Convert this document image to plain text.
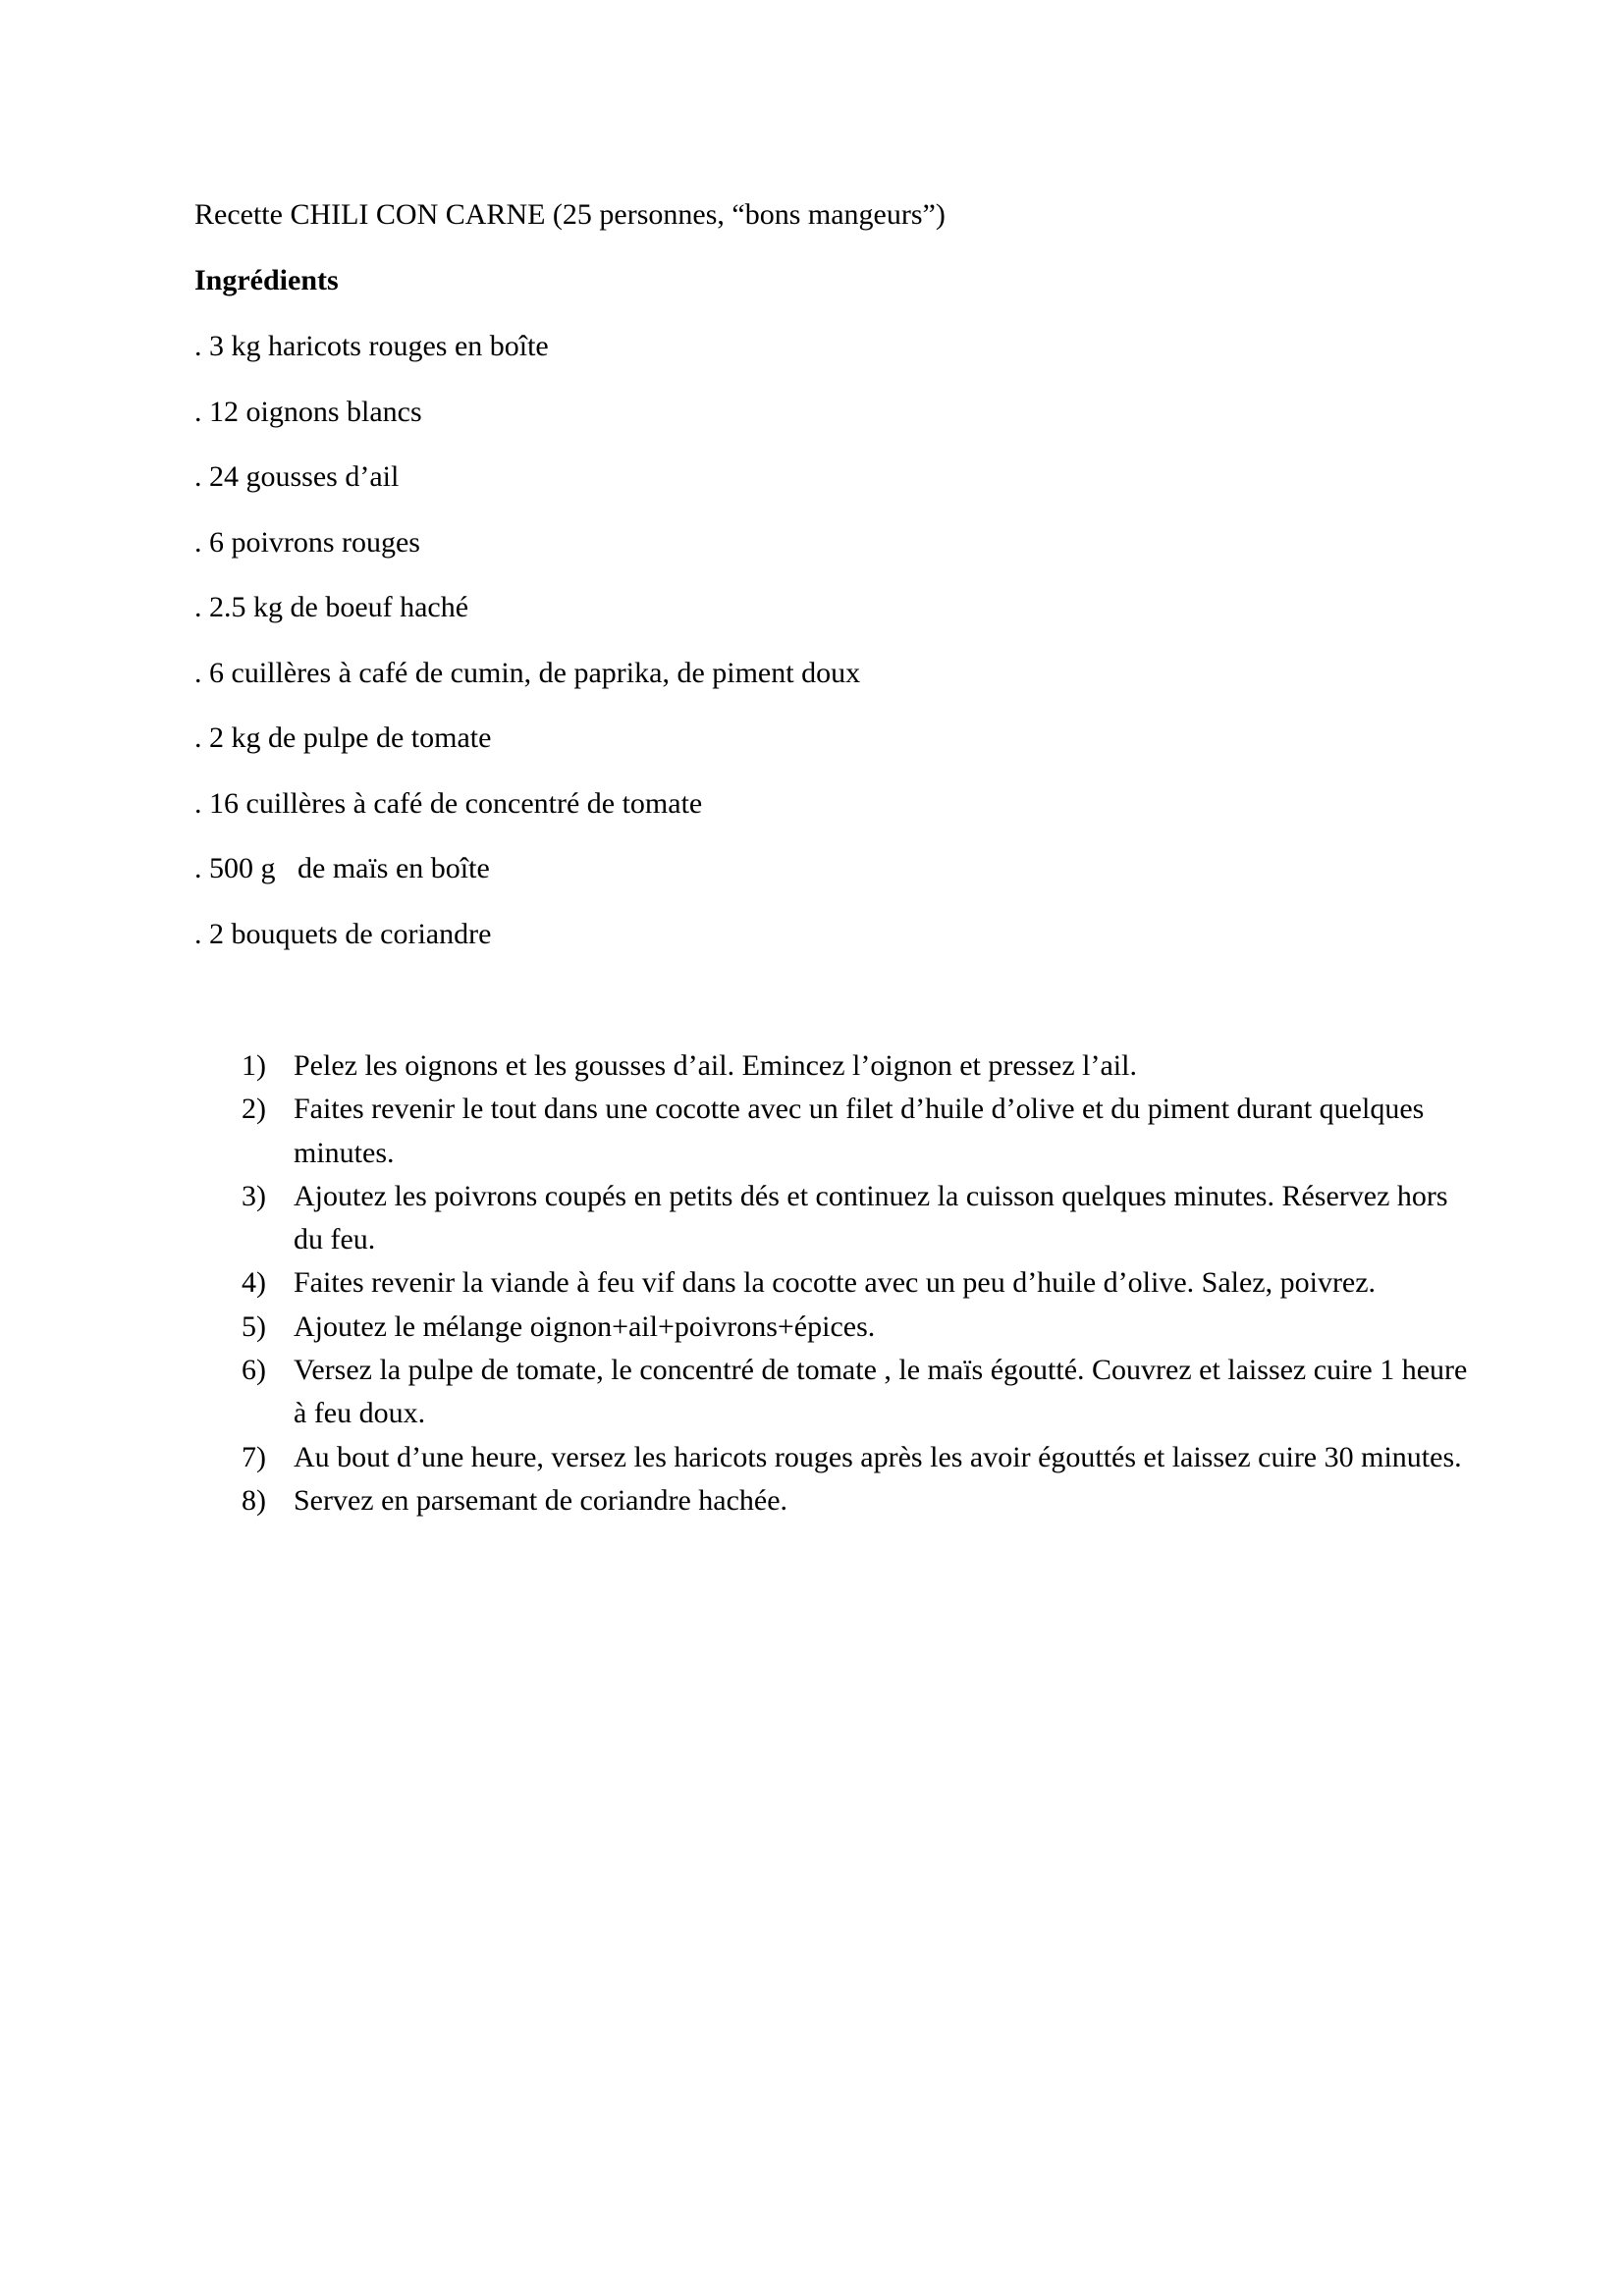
Recette CHILI CON CARNE (25 personnes, “bons mangeurs”)
Ingrédients
. 3 kg haricots rouges en boîte
. 12 oignons blancs
. 24 gousses d’ail
. 6 poivrons rouges
. 2.5 kg de boeuf haché
. 6 cuillères à café de cumin, de paprika, de piment doux
. 2 kg de pulpe de tomate
. 16 cuillères à café de concentré de tomate
. 500 g   de maïs en boîte
. 2 bouquets de coriandre
1) Pelez les oignons et les gousses d’ail. Emincez l’oignon et pressez l’ail.
2) Faites revenir le tout dans une cocotte avec un filet d’huile d’olive et du piment durant quelques minutes.
3) Ajoutez les poivrons coupés en petits dés et continuez la cuisson quelques minutes. Réservez hors du feu.
4) Faites revenir la viande à feu vif dans la cocotte avec un peu d’huile d’olive. Salez, poivrez.
5) Ajoutez le mélange oignon+ail+poivrons+épices.
6) Versez la pulpe de tomate, le concentré de tomate , le maïs égoutté. Couvrez et laissez cuire 1 heure à feu doux.
7) Au bout d’une heure, versez les haricots rouges après les avoir égouttés et laissez cuire 30 minutes.
8) Servez en parsemant de coriandre hachée.
